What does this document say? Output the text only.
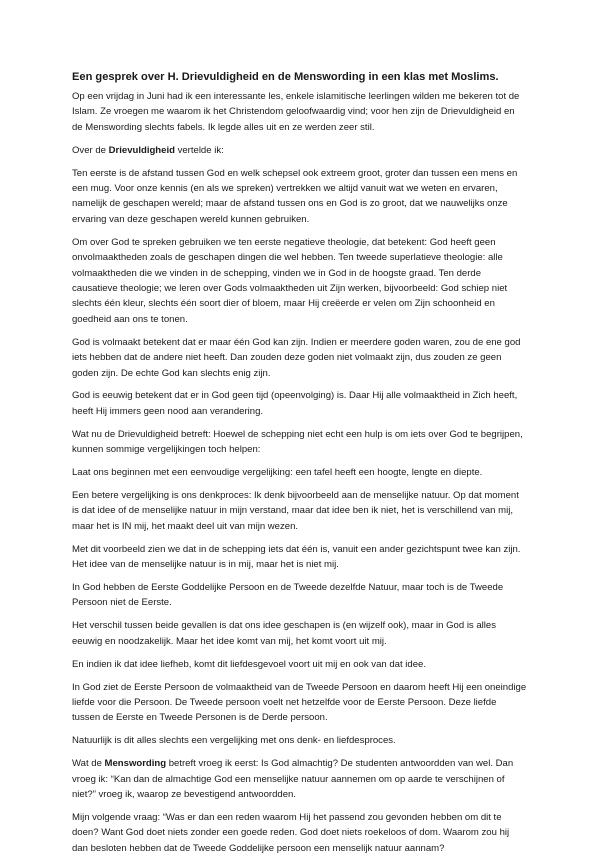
Een gesprek over H. Drievuldigheid en de Menswording in een klas met Moslims.
Op een vrijdag in Juni had ik een interessante les, enkele islamitische leerlingen wilden me bekeren tot de Islam. Ze vroegen me waarom ik het Christendom geloofwaardig vind; voor hen zijn de Drievuldigheid en de Menswording slechts fabels. Ik legde alles uit en ze werden zeer stil.
Over de Drievuldigheid vertelde ik:
Ten eerste is de afstand tussen God en welk schepsel ook extreem groot, groter dan tussen een mens en een mug. Voor onze kennis (en als we spreken) vertrekken we altijd vanuit wat we weten en ervaren, namelijk de geschapen wereld; maar de afstand tussen ons en God is zo groot, dat we nauwelijks onze ervaring van deze geschapen wereld kunnen gebruiken.
Om over God te spreken gebruiken we ten eerste negatieve theologie, dat betekent: God heeft geen onvolmaaktheden zoals de geschapen dingen die wel hebben. Ten tweede superlatieve theologie: alle volmaaktheden die we vinden in de schepping, vinden we in God in de hoogste graad. Ten derde causatieve theologie; we leren over Gods volmaaktheden uit Zijn werken, bijvoorbeeld: God schiep niet slechts één kleur, slechts één soort dier of bloem, maar Hij creëerde er velen om Zijn schoonheid en goedheid aan ons te tonen.
God is volmaakt betekent dat er maar één God kan zijn. Indien er meerdere goden waren, zou de ene god iets hebben dat de andere niet heeft. Dan zouden deze goden niet volmaakt zijn, dus zouden ze geen goden zijn. De echte God kan slechts enig zijn.
God is eeuwig betekent dat er in God geen tijd (opeenvolging) is. Daar Hij alle volmaaktheid in Zich heeft, heeft Hij immers geen nood aan verandering.
Wat nu de Drievuldigheid betreft: Hoewel de schepping niet echt een hulp is om iets over God te begrijpen, kunnen sommige vergelijkingen toch helpen:
Laat ons beginnen met een eenvoudige vergelijking: een tafel heeft een hoogte, lengte en diepte.
Een betere vergelijking is ons denkproces: Ik denk bijvoorbeeld aan de menselijke natuur. Op dat moment is dat idee of de menselijke natuur in mijn verstand, maar dat idee ben ik niet, het is verschillend van mij, maar het is IN mij, het maakt deel uit van mijn wezen.
Met dit voorbeeld zien we dat in de schepping iets dat één is, vanuit een ander gezichtspunt twee kan zijn. Het idee van de menselijke natuur is in mij, maar het is niet mij.
In God hebben de Eerste Goddelijke Persoon en de Tweede dezelfde Natuur, maar toch is de Tweede Persoon niet de Eerste.
Het verschil tussen beide gevallen is dat ons idee geschapen is (en wijzelf ook), maar in God is alles eeuwig en noodzakelijk. Maar het idee komt van mij, het komt voort uit mij.
En indien ik dat idee liefheb, komt dit liefdesgevoel voort uit mij en ook van dat idee.
In God ziet de Eerste Persoon de volmaaktheid van de Tweede Persoon en daarom heeft Hij een oneindige liefde voor die Persoon. De Tweede persoon voelt net hetzelfde voor de Eerste Persoon. Deze liefde tussen de Eerste en Tweede Personen is de Derde persoon.
Natuurlijk is dit alles slechts een vergelijking met ons denk- en liefdesproces.
Wat de Menswording betreft vroeg ik eerst: Is God almachtig? De studenten antwoordden van wel. Dan vroeg ik: “Kan dan de almachtige God een menselijke natuur aannemen om op aarde te verschijnen of niet?” vroeg ik, waarop ze bevestigend antwoordden.
Mijn volgende vraag: “Was er dan een reden waarom Hij het passend zou gevonden hebben om dit te doen? Want God doet niets zonder een goede reden. God doet niets roekeloos of dom. Waarom zou hij dan besloten hebben dat de Tweede Goddelijke persoon een menselijk natuur aannam?
